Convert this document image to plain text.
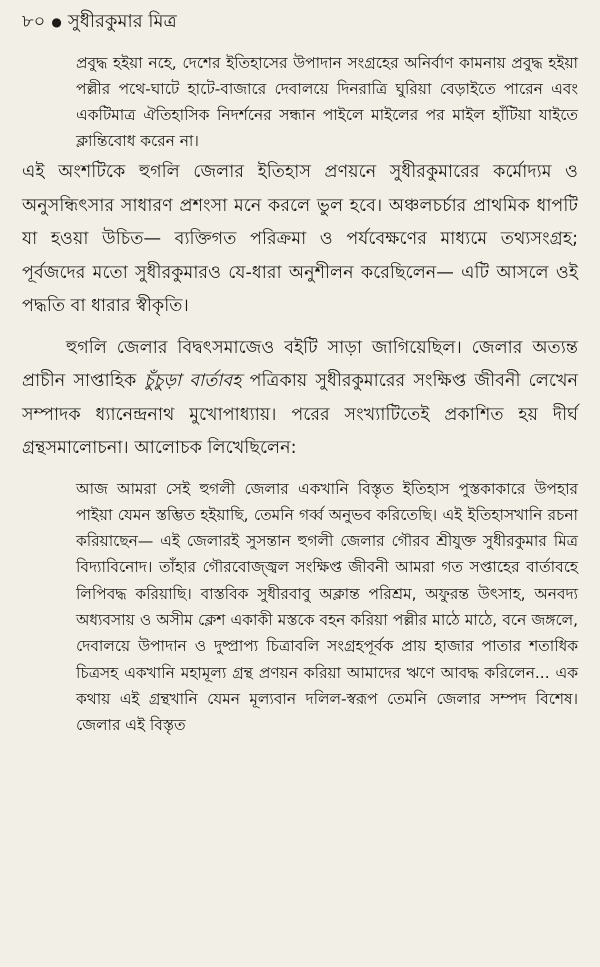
৮০ ● সুধীরকুমার মিত্র
প্রবুদ্ধ হইয়া নহে, দেশের ইতিহাসের উপাদান সংগ্রহের অনির্বাণ কামনায় প্রবুদ্ধ হইয়া পল্লীর পথে-ঘাটে হাটে-বাজারে দেবালয়ে দিনরাত্রি ঘুরিয়া বেড়াইতে পারেন এবং একটিমাত্র ঐতিহাসিক নিদর্শনের সন্ধান পাইলে মাইলের পর মাইল হাঁটিয়া যাইতে ক্লান্তিবোধ করেন না।
এই অংশটিকে হুগলি জেলার ইতিহাস প্রণয়নে সুধীরকুমারের কর্মোদ্যম ও অনুসন্ধিৎসার সাধারণ প্রশংসা মনে করলে ভুল হবে। অঞ্চলচর্চার প্রাথমিক ধাপটি যা হওয়া উচিত— ব্যক্তিগত পরিক্রমা ও পর্যবেক্ষণের মাধ্যমে তথ্যসংগ্রহ; পূর্বজদের মতো সুধীরকুমারও যে-ধারা অনুশীলন করেছিলেন— এটি আসলে ওই পদ্ধতি বা ধারার স্বীকৃতি।
হুগলি জেলার বিদ্বৎসমাজেও বইটি সাড়া জাগিয়েছিল। জেলার অত্যন্ত প্রাচীন সাপ্তাহিক চুঁচুড়া বার্তাবহ পত্রিকায় সুধীরকুমারের সংক্ষিপ্ত জীবনী লেখেন সম্পাদক ধ্যানেন্দ্রনাথ মুখোপাধ্যায়। পরের সংখ্যাটিতেই প্রকাশিত হয় দীর্ঘ গ্রন্থসমালোচনা। আলোচক লিখেছিলেন:
আজ আমরা সেই হুগলী জেলার একখানি বিস্তৃত ইতিহাস পুস্তকাকারে উপহার পাইয়া যেমন স্তম্ভিত হইয়াছি, তেমনি গর্ব্ব অনুভব করিতেছি। এই ইতিহাসখানি রচনা করিয়াছেন— এই জেলারই সুসন্তান হুগলী জেলার গৌরব শ্রীযুক্ত সুধীরকুমার মিত্র বিদ্যাবিনোদ। তাঁহার গৌরবোজ্জ্বল সংক্ষিপ্ত জীবনী আমরা গত সপ্তাহের বার্তাবহে লিপিবদ্ধ করিয়াছি। বাস্তবিক সুধীরবাবু অক্লান্ত পরিশ্রম, অফুরন্ত উৎসাহ, অনবদ্য অধ্যবসায় ও অসীম ক্লেশ একাকী মস্তকে বহন করিয়া পল্লীর মাঠে মাঠে, বনে জঙ্গলে, দেবালয়ে উপাদান ও দুষ্প্রাপ্য চিত্রাবলি সংগ্রহপূর্বক প্রায় হাজার পাতার শতাধিক চিত্রসহ একখানি মহামূল্য গ্রন্থ প্রণয়ন করিয়া আমাদের ঋণে আবদ্ধ করিলেন... এক কথায় এই গ্রন্থখানি যেমন মূল্যবান দলিল-স্বরূপ তেমনি জেলার সম্পদ বিশেষ। জেলার এই বিস্তৃত
